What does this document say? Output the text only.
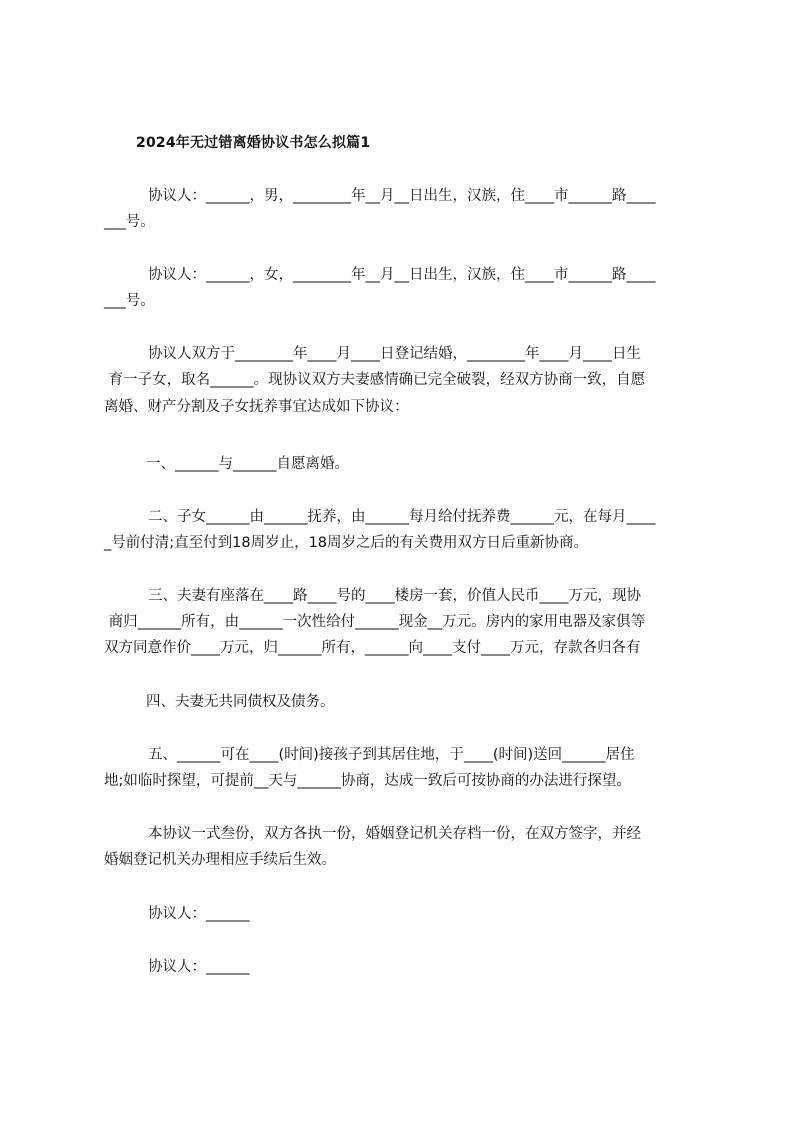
2024年无过错离婚协议书怎么拟篇1
协议人：______，男，________年__月__日出生，汉族，住____市______路____
___号。
协议人：______，女，________年__月__日出生，汉族，住____市______路____
___号。
协议人双方于________年____月____日登记结婚，________年____月____日生
育一子女，取名______。现协议双方夫妻感情确已完全破裂，经双方协商一致，自愿
离婚、财产分割及子女抚养事宜达成如下协议：
一、______与______自愿离婚。
二、子女______由______抚养，由______每月给付抚养费______元，在每月____
_号前付清;直至付到18周岁止，18周岁之后的有关费用双方日后重新协商。
三、夫妻有座落在____路____号的____楼房一套，价值人民币____万元，现协
商归______所有，由______一次性给付______现金__万元。房内的家用电器及家俱等
双方同意作价____万元，归______所有，______向____支付____万元，存款各归各有
四、夫妻无共同债权及债务。
五、______可在____(时间)接孩子到其居住地，于____(时间)送回______居住
地;如临时探望，可提前__天与______协商，达成一致后可按协商的办法进行探望。
本协议一式叁份，双方各执一份，婚姻登记机关存档一份，在双方签字，并经
婚姻登记机关办理相应手续后生效。
协议人：______
协议人：______
